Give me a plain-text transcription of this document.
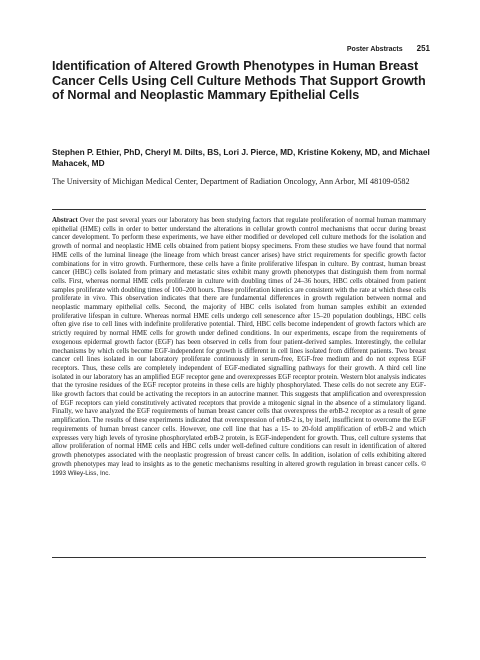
Poster Abstracts 251
Identification of Altered Growth Phenotypes in Human Breast Cancer Cells Using Cell Culture Methods That Support Growth of Normal and Neoplastic Mammary Epithelial Cells

Stephen P. Ethier, PhD, Cheryl M. Dilts, BS, Lori J. Pierce, MD, Kristine Kokeny, MD, and Michael Mahacek, MD

The University of Michigan Medical Center, Department of Radiation Oncology, Ann Arbor, MI 48109-0582

Abstract Over the past several years our laboratory has been studying factors that regulate proliferation of normal human mammary epithelial (HME) cells in order to better understand the alterations in cellular growth control mechanisms that occur during breast cancer development. To perform these experiments, we have either modified or developed cell culture methods for the isolation and growth of normal and neoplastic HME cells obtained from patient biopsy specimens. From these studies we have found that normal HME cells of the luminal lineage (the lineage from which breast cancer arises) have strict requirements for specific growth factor combinations for in vitro growth. Furthermore, these cells have a finite proliferative lifespan in culture. By contrast, human breast cancer (HBC) cells isolated from primary and metastatic sites exhibit many growth phenotypes that distinguish them from normal cells. First, whereas normal HME cells proliferate in culture with doubling times of 24–36 hours, HBC cells obtained from patient samples proliferate with doubling times of 100–200 hours. These proliferation kinetics are consistent with the rate at which these cells proliferate in vivo. This observation indicates that there are fundamental differences in growth regulation between normal and neoplastic mammary epithelial cells. Second, the majority of HBC cells isolated from human samples exhibit an extended proliferative lifespan in culture. Whereas normal HME cells undergo cell senescence after 15–20 population doublings, HBC cells often give rise to cell lines with indefinite proliferative potential. Third, HBC cells become independent of growth factors which are strictly required by normal HME cells for growth under defined conditions. In our experiments, escape from the requirements of exogenous epidermal growth factor (EGF) has been observed in cells from four patient-derived samples. Interestingly, the cellular mechanisms by which cells become EGF-independent for growth is different in cell lines isolated from different patients. Two breast cancer cell lines isolated in our laboratory proliferate continuously in serum-free, EGF-free medium and do not express EGF receptors. Thus, these cells are completely independent of EGF-mediated signalling pathways for their growth. A third cell line isolated in our laboratory has an amplified EGF receptor gene and overexpresses EGF receptor protein. Western blot analysis indicates that the tyrosine residues of the EGF receptor proteins in these cells are highly phosphorylated. These cells do not secrete any EGF-like growth factors that could be activating the receptors in an autocrine manner. This suggests that amplification and overexpression of EGF receptors can yield constitutively activated receptors that provide a mitogenic signal in the absence of a stimulatory ligand. Finally, we have analyzed the EGF requirements of human breast cancer cells that overexpress the erbB-2 receptor as a result of gene amplification. The results of these experiments indicated that overexpression of erbB-2 is, by itself, insufficient to overcome the EGF requirements of human breast cancer cells. However, one cell line that has a 15- to 20-fold amplification of erbB-2 and which expresses very high levels of tyrosine phosphorylated erbB-2 protein, is EGF-independent for growth. Thus, cell culture systems that allow proliferation of normal HME cells and HBC cells under well-defined culture conditions can result in identification of altered growth phenotypes associated with the neoplastic progression of breast cancer cells. In addition, isolation of cells exhibiting altered growth phenotypes may lead to insights as to the genetic mechanisms resulting in altered growth regulation in breast cancer cells. © 1993 Wiley-Liss, Inc.
